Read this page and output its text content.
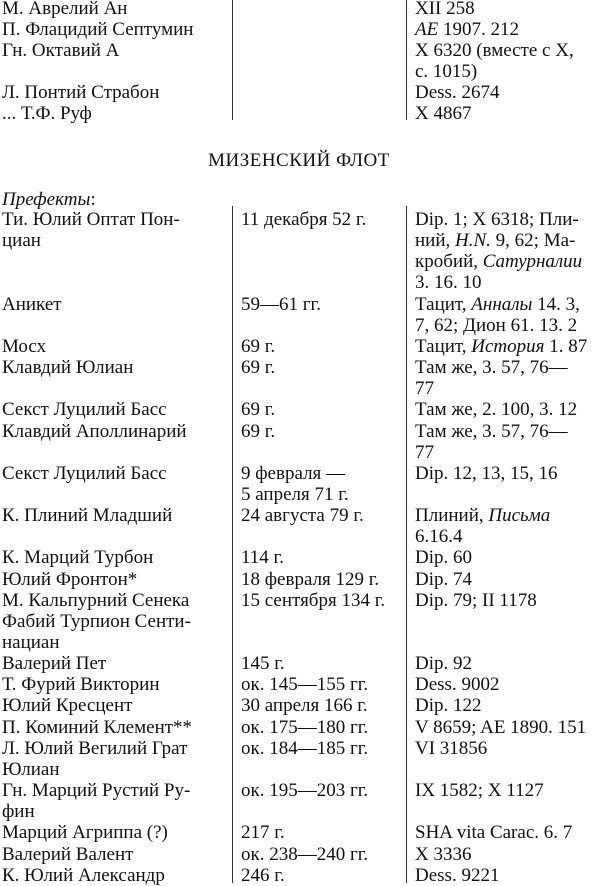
М. Аврелий Ан	XII 258
П. Флацидий Септумин	AE 1907. 212
Гн. Октавий А	X 6320 (вместе с X,
с. 1015)
Л. Понтий Страбон	Dess. 2674
... Т.Ф. Руф	X 4867
МИЗЕНСКИЙ ФЛОТ
Префекты:
Ти. Юлий Оптат Пон-	11 декабря 52 г.	Dip. 1; X 6318; Пли-
циан	ний, H.N. 9, 62; Ма-
кробий, Сатурналии
3. 16. 10
Аникет	59—61 гг.	Тацит, Анналы 14. 3,
7, 62; Дион 61. 13. 2
Мосх	69 г.	Тацит, История 1. 87
Клавдий Юлиан	69 г.	Там же, 3. 57, 76—
77
Секст Луцилий Басс	69 г.	Там же, 2. 100, 3. 12
Клавдий Аполлинарий	69 г.	Там же, 3. 57, 76—
77
Секст Луцилий Басс	9 февраля —	Dip. 12, 13, 15, 16
5 апреля 71 г.
К. Плиний Младший	24 августа 79 г.	Плиний, Письма
6.16.4
К. Марций Турбон	114 г.	Dip. 60
Юлий Фронтон*	18 февраля 129 г. Dip. 74
М. Кальпурний Сенека	15 сентября 134 г. Dip. 79; II 1178
Фабий Турпион Сенти-
нациан
Валерий Пет	145 г.	Dip. 92
Т. Фурий Викторин	ок. 145—155 гг. Dess. 9002
Юлий Кресцент	30 апреля 166 г. Dip. 122
П. Коминий Клемент**	ок. 175—180 гг. V 8659; AE 1890. 151
Л. Юлий Вегилий Грат	ок. 184—185 гг. VI 31856
Юлиан
Гн. Марций Рустий Ру-	ок. 195—203 гг. IX 1582; X 1127
фин
Марций Агриппа (?)	217 г.	SHA vita Carac. 6. 7
Валерий Валент	ок. 238—240 гг. X 3336
К. Юлий Александр	246 г.	Dess. 9221
